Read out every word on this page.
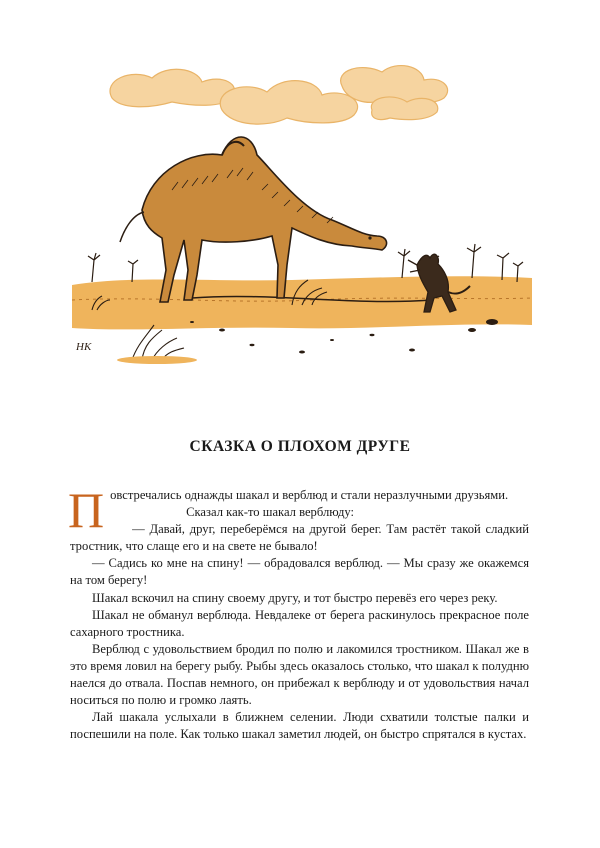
НК
СКАЗКА О ПЛОХОМ ДРУГЕ

Повстречались однажды шакал и верблюд и стали неразлучными друзьями.

Сказал как-то шакал верблюду:

— Давай, друг, переберёмся на другой берег. Там растёт такой сладкий тростник, что слаще его и на свете не бывало!

— Садись ко мне на спину! — обрадовался верблюд. — Мы сразу же окажемся на том берегу!

Шакал вскочил на спину своему другу, и тот быстро перевёз его через реку.

Шакал не обманул верблюда. Невдалеке от берега раскинулось прекрасное поле сахарного тростника.

Верблюд с удовольствием бродил по полю и лакомился тростником. Шакал же в это время ловил на берегу рыбу. Рыбы здесь оказалось столько, что шакал к полудню наелся до отвала. Поспав немного, он прибежал к верблюду и от удовольствия начал носиться по полю и громко лаять.

Лай шакала услыхали в ближнем селении. Люди схватили толстые палки и поспешили на поле. Как только шакал заметил людей, он быстро спрятался в кустах.
